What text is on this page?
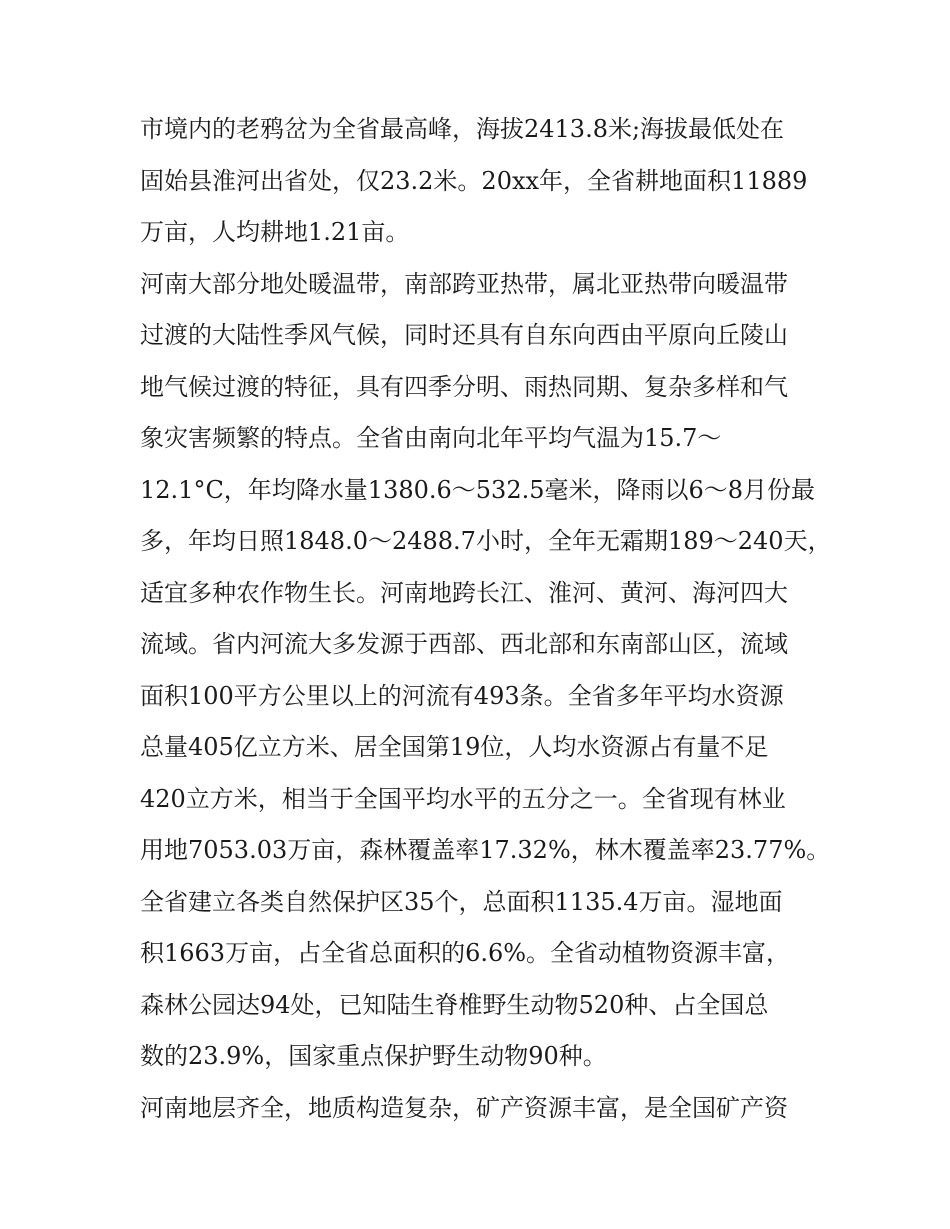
市境内的老鸦岔为全省最高峰，海拔2413.8米;海拔最低处在
固始县淮河出省处，仅23.2米。20xx年，全省耕地面积11889
万亩，人均耕地1.21亩。
河南大部分地处暖温带，南部跨亚热带，属北亚热带向暖温带
过渡的大陆性季风气候，同时还具有自东向西由平原向丘陵山
地气候过渡的特征，具有四季分明、雨热同期、复杂多样和气
象灾害频繁的特点。全省由南向北年平均气温为15.7～
12.1°C，年均降水量1380.6～532.5毫米，降雨以6～8月份最
多，年均日照1848.0～2488.7小时，全年无霜期189～240天，
适宜多种农作物生长。河南地跨长江、淮河、黄河、海河四大
流域。省内河流大多发源于西部、西北部和东南部山区，流域
面积100平方公里以上的河流有493条。全省多年平均水资源
总量405亿立方米、居全国第19位，人均水资源占有量不足
420立方米，相当于全国平均水平的五分之一。全省现有林业
用地7053.03万亩，森林覆盖率17.32%，林木覆盖率23.77%。
全省建立各类自然保护区35个，总面积1135.4万亩。湿地面
积1663万亩，占全省总面积的6.6%。全省动植物资源丰富，
森林公园达94处，已知陆生脊椎野生动物520种、占全国总
数的23.9%，国家重点保护野生动物90种。
河南地层齐全，地质构造复杂，矿产资源丰富，是全国矿产资
